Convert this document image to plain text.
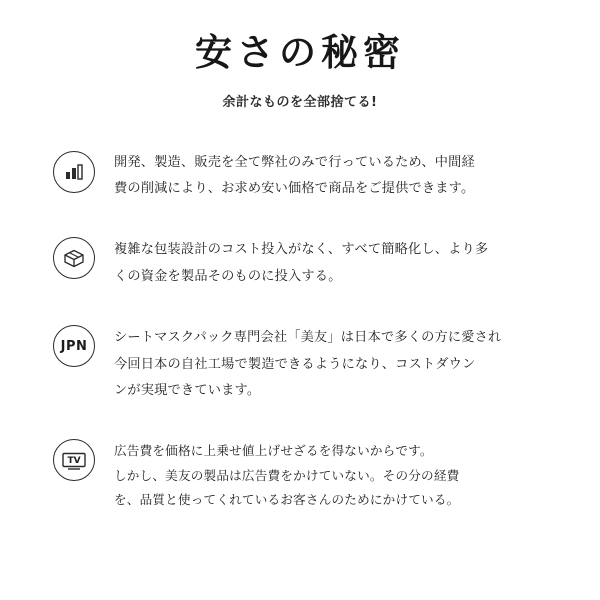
安さの秘密

余計なものを全部捨てる!

開発、製造、販売を全て弊社のみで行っているため、中間経
費の削減により、お求め安い価格で商品をご提供できます。
複雑な包装設計のコスト投入がなく、すべて簡略化し、より多
くの資金を製品そのものに投入する。
JPN
シートマスクパック専門会社「美友」は日本で多くの方に愛され
今回日本の自社工場で製造できるようになり、コストダウン
ンが実現できています。
TV
広告費を価格に上乗せ値上げせざるを得ないからです。
しかし、美友の製品は広告費をかけていない。その分の経費
を、品質と使ってくれているお客さんのためにかけている。
